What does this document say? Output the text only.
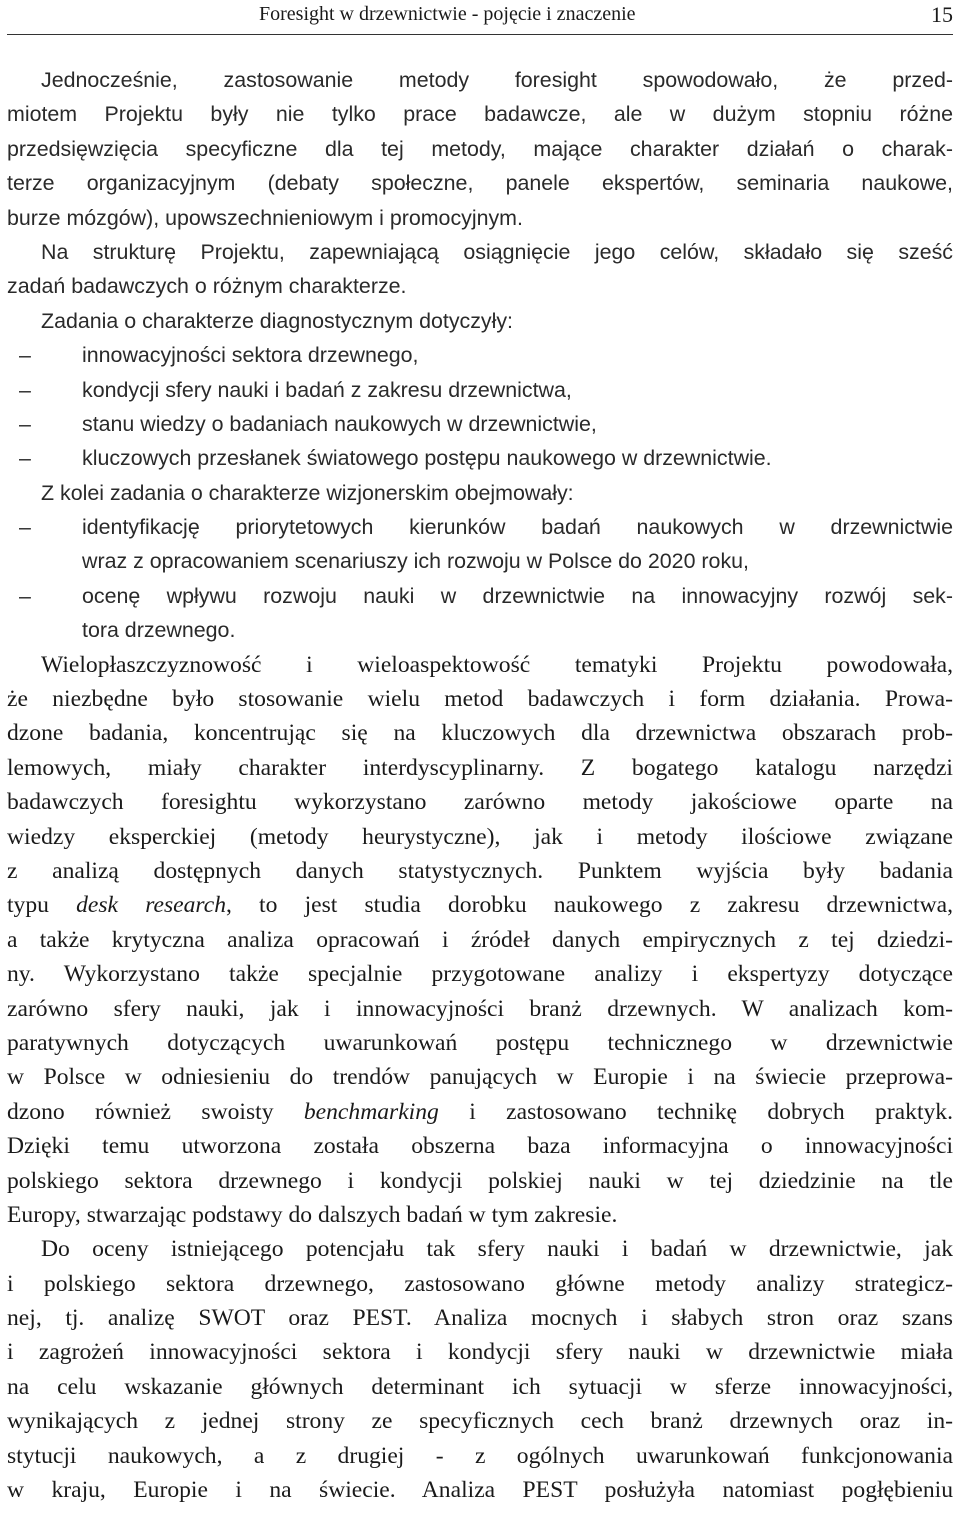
Foresight w drzewnictwie - pojęcie i znaczenie	15
Jednocześnie, zastosowanie metody foresight spowodowało, że przed-
miotem Projektu były nie tylko prace badawcze, ale w dużym stopniu różne
przedsięwzięcia specyficzne dla tej metody, mające charakter działań o charak-
terze organizacyjnym (debaty społeczne, panele ekspertów, seminaria naukowe,
burze mózgów), upowszechnieniowym i promocyjnym.
Na strukturę Projektu, zapewniającą osiągnięcie jego celów, składało się sześć
zadań badawczych o różnym charakterze.
Zadania o charakterze diagnostycznym dotyczyły:
– innowacyjności sektora drzewnego,
– kondycji sfery nauki i badań z zakresu drzewnictwa,
– stanu wiedzy o badaniach naukowych w drzewnictwie,
– kluczowych przesłanek światowego postępu naukowego w drzewnictwie.
Z kolei zadania o charakterze wizjonerskim obejmowały:
– identyfikację priorytetowych kierunków badań naukowych w drzewnictwie
wraz z opracowaniem scenariuszy ich rozwoju w Polsce do 2020 roku,
– ocenę wpływu rozwoju nauki w drzewnictwie na innowacyjny rozwój sek-
tora drzewnego.
Wielopłaszczyznowość i wieloaspektowość tematyki Projektu powodowała,
że niezbędne było stosowanie wielu metod badawczych i form działania. Prowa-
dzone badania, koncentrując się na kluczowych dla drzewnictwa obszarach prob-
lemowych, miały charakter interdyscyplinarny. Z bogatego katalogu narzędzi
badawczych foresightu wykorzystano zarówno metody jakościowe oparte na
wiedzy eksperckiej (metody heurystyczne), jak i metody ilościowe związane
z analizą dostępnych danych statystycznych. Punktem wyjścia były badania
typu desk research, to jest studia dorobku naukowego z zakresu drzewnictwa,
a także krytyczna analiza opracowań i źródeł danych empirycznych z tej dziedzi-
ny. Wykorzystano także specjalnie przygotowane analizy i ekspertyzy dotyczące
zarówno sfery nauki, jak i innowacyjności branż drzewnych. W analizach kom-
paratywnych dotyczących uwarunkowań postępu technicznego w drzewnictwie
w Polsce w odniesieniu do trendów panujących w Europie i na świecie przeprowa-
dzono również swoisty benchmarking i zastosowano technikę dobrych praktyk.
Dzięki temu utworzona została obszerna baza informacyjna o innowacyjności
polskiego sektora drzewnego i kondycji polskiej nauki w tej dziedzinie na tle
Europy, stwarzając podstawy do dalszych badań w tym zakresie.
Do oceny istniejącego potencjału tak sfery nauki i badań w drzewnictwie, jak
i polskiego sektora drzewnego, zastosowano główne metody analizy strategicz-
nej, tj. analizę SWOT oraz PEST. Analiza mocnych i słabych stron oraz szans
i zagrożeń innowacyjności sektora i kondycji sfery nauki w drzewnictwie miała
na celu wskazanie głównych determinant ich sytuacji w sferze innowacyjności,
wynikających z jednej strony ze specyficznych cech branż drzewnych oraz in-
stytucji naukowych, a z drugiej - z ogólnych uwarunkowań funkcjonowania
w kraju, Europie i na świecie. Analiza PEST posłużyła natomiast pogłębieniu
